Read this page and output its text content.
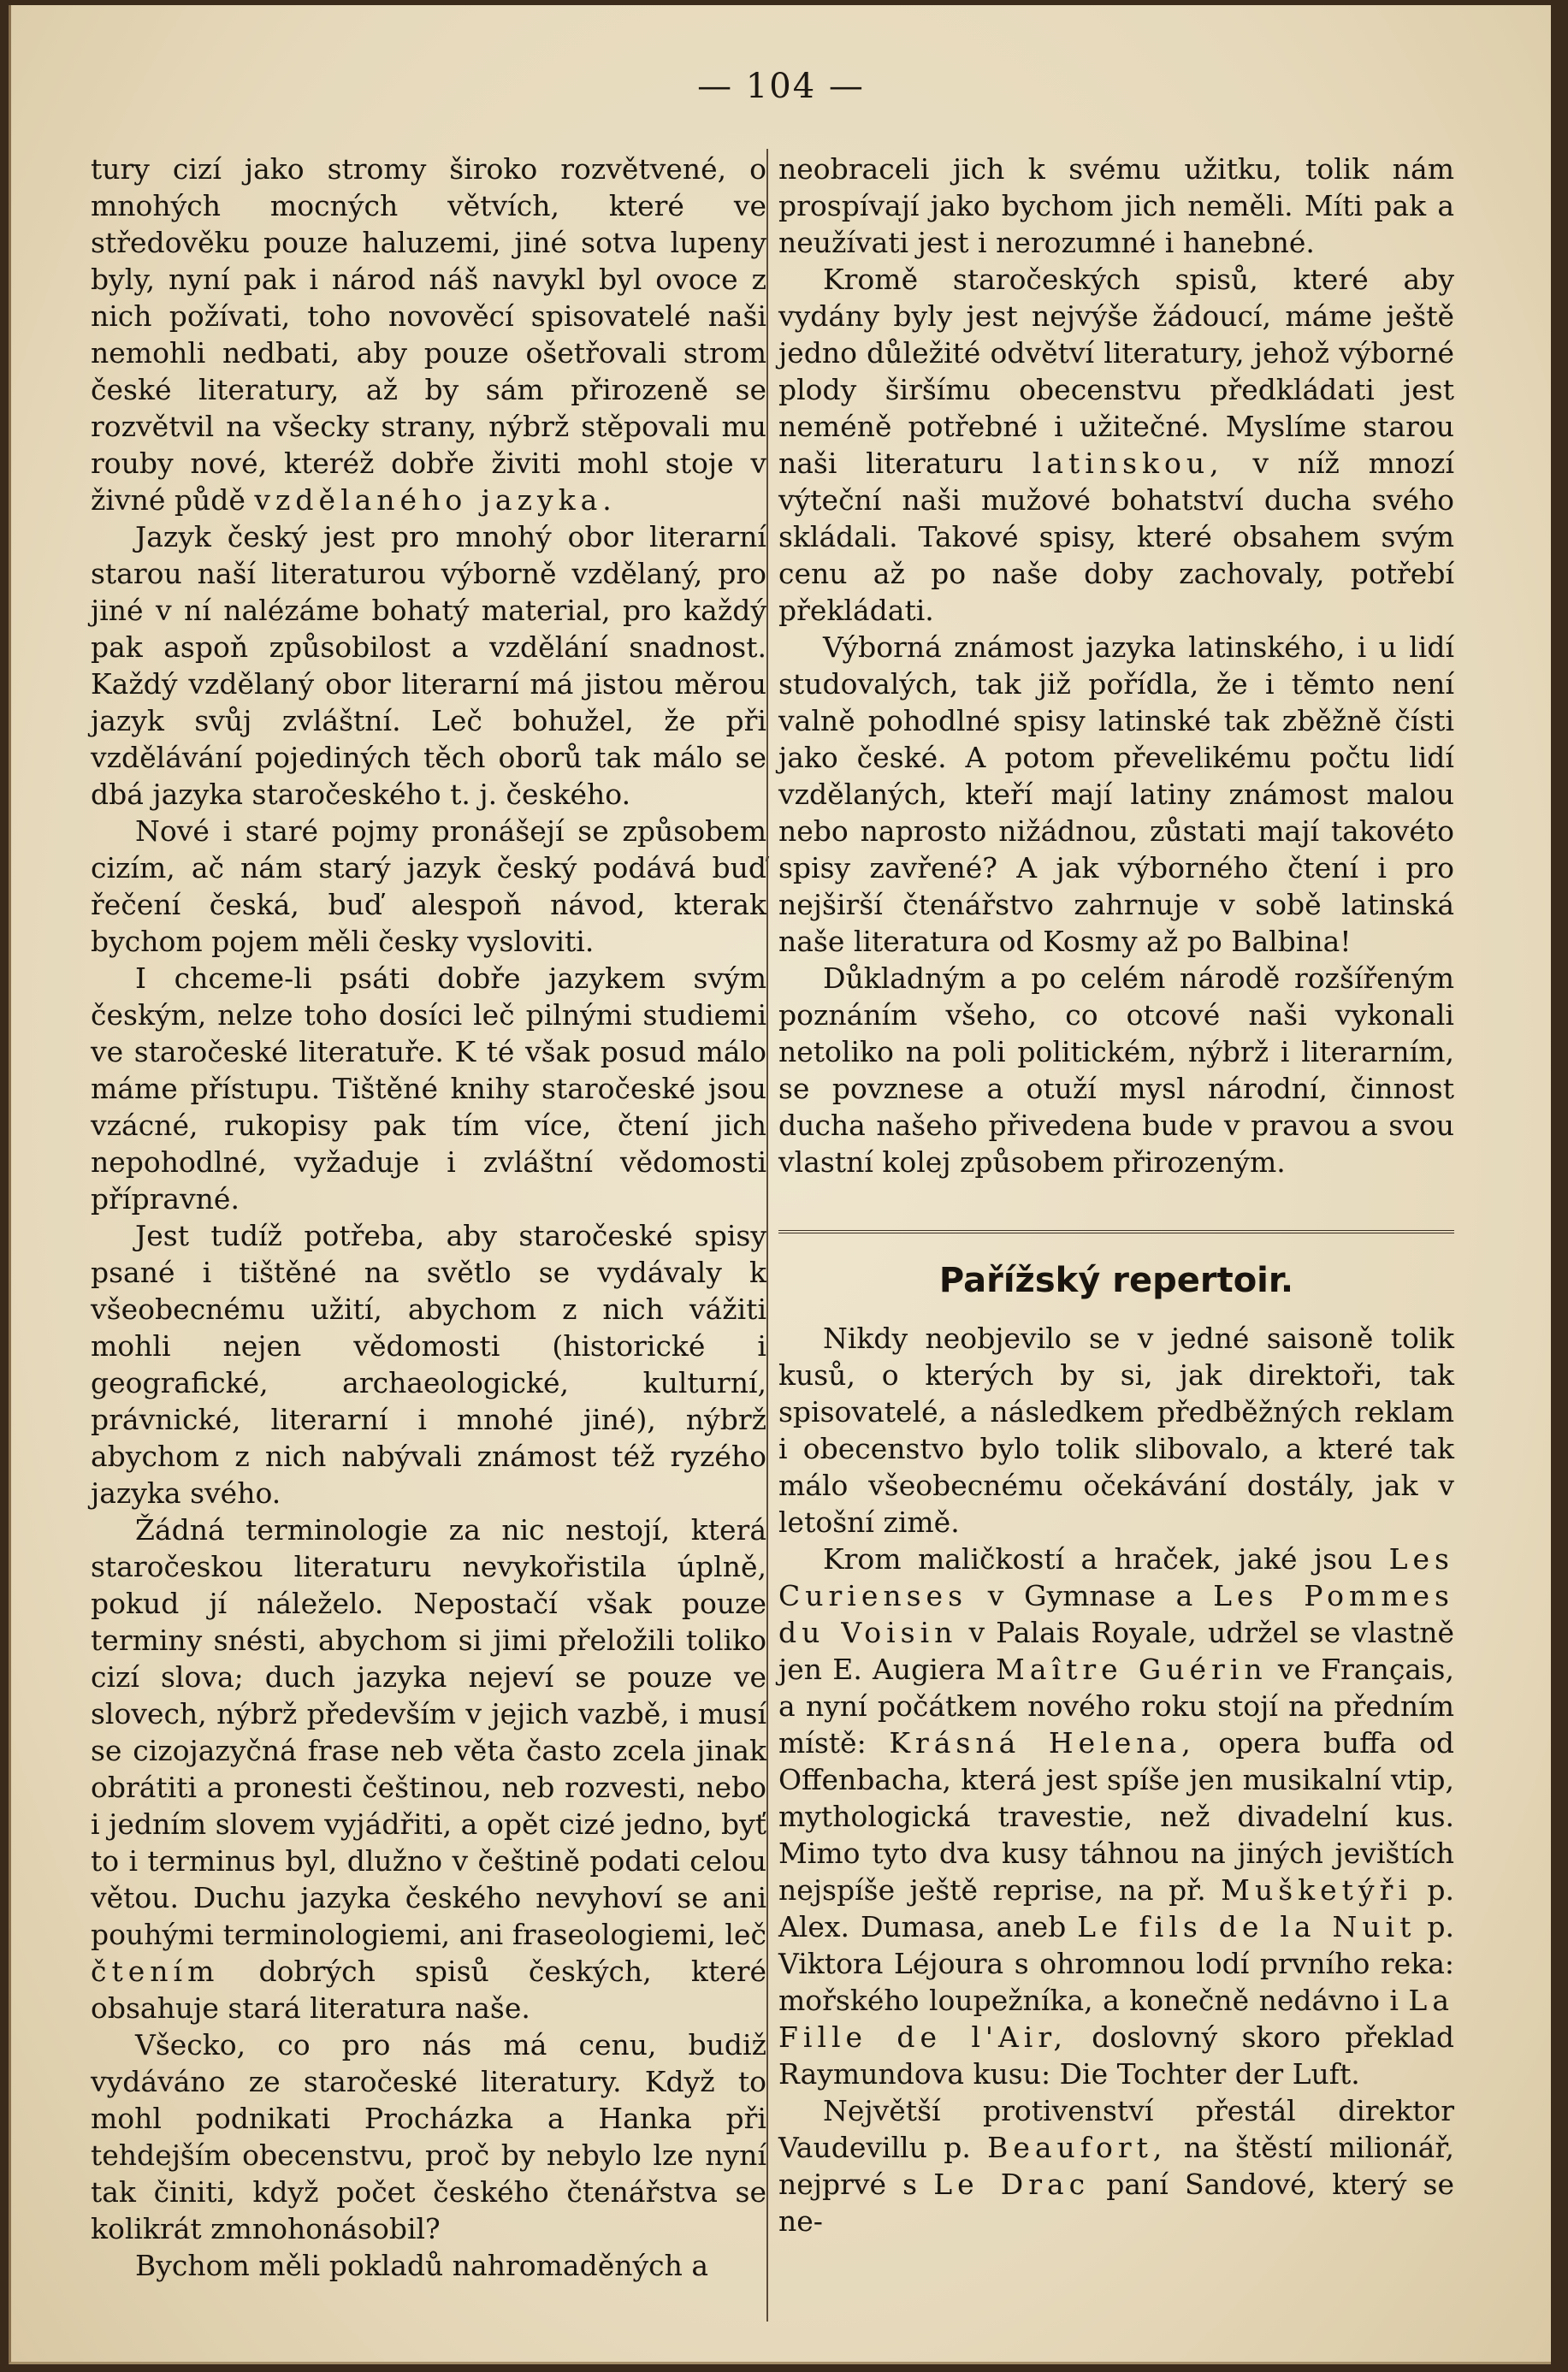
— 104 —

tury cizí jako stromy široko rozvětvené, o mnohých mocných větvích, které ve středověku pouze haluzemi, jiné sotva lupeny byly, nyní pak i národ náš navykl byl ovoce z nich požívati, toho novověcí spisovatelé naši nemohli nedbati, aby pouze ošetřovali strom české literatury, až by sám přirozeně se rozvětvil na všecky strany, nýbrž stěpovali mu rouby nové, kteréž dobře živiti mohl stoje v živné půdě vzdělaného jazyka.

Jazyk český jest pro mnohý obor literarní starou naší literaturou výborně vzdělaný, pro jiné v ní nalézáme bohatý material, pro každý pak aspoň způsobilost a vzdělání snadnost. Každý vzdělaný obor literarní má jistou měrou jazyk svůj zvláštní. Leč bohužel, že při vzdělávání pojediných těch oborů tak málo se dbá jazyka staročeského t. j. českého.

Nové i staré pojmy pronášejí se způsobem cizím, ač nám starý jazyk český podává buď řečení česká, buď alespoň návod, kterak bychom pojem měli česky vysloviti.

I chceme-li psáti dobře jazykem svým českým, nelze toho dosíci leč pilnými studiemi ve staročeské literatuře. K té však posud málo máme přístupu. Tištěné knihy staročeské jsou vzácné, rukopisy pak tím více, čtení jich nepohodlné, vyžaduje i zvláštní vědomosti přípravné.

Jest tudíž potřeba, aby staročeské spisy psané i tištěné na světlo se vydávaly k všeobecnému užití, abychom z nich vážiti mohli nejen vědomosti (historické i geografické, archaeologické, kulturní, právnické, literarní i mnohé jiné), nýbrž abychom z nich nabývali známost též ryzého jazyka svého.

Žádná terminologie za nic nestojí, která staročeskou literaturu nevykořistila úplně, pokud jí náleželo. Nepostačí však pouze terminy snésti, abychom si jimi přeložili toliko cizí slova; duch jazyka nejeví se pouze ve slovech, nýbrž především v jejich vazbě, i musí se cizojazyčná frase neb věta často zcela jinak obrátiti a pronesti češtinou, neb rozvesti, nebo i jedním slovem vyjádřiti, a opět cizé jedno, byť to i terminus byl, dlužno v češtině podati celou větou. Duchu jazyka českého nevyhoví se ani pouhými terminologiemi, ani fraseologiemi, leč čtením dobrých spisů českých, které obsahuje stará literatura naše.

Všecko, co pro nás má cenu, budiž vydáváno ze staročeské literatury. Když to mohl podnikati Procházka a Hanka při tehdejším obecenstvu, proč by nebylo lze nyní tak činiti, když počet českého čtenářstva se kolikrát zmnohonásobil?

Bychom měli pokladů nahromaděných a

neobraceli jich k svému užitku, tolik nám prospívají jako bychom jich neměli. Míti pak a neužívati jest i nerozumné i hanebné.

Kromě staročeských spisů, které aby vydány byly jest nejvýše žádoucí, máme ještě jedno důležité odvětví literatury, jehož výborné plody širšímu obecenstvu předkládati jest neméně potřebné i užitečné. Myslíme starou naši literaturu latinskou, v níž mnozí výteční naši mužové bohatství ducha svého skládali. Takové spisy, které obsahem svým cenu až po naše doby zachovaly, potřebí překládati.

Výborná známost jazyka latinského, i u lidí studovalých, tak již pořídla, že i těmto není valně pohodlné spisy latinské tak zběžně čísti jako české. A potom převelikému počtu lidí vzdělaných, kteří mají latiny známost malou nebo naprosto nižádnou, zůstati mají takovéto spisy zavřené? A jak výborného čtení i pro nejširší čtenářstvo zahrnuje v sobě latinská naše literatura od Kosmy až po Balbina!

Důkladným a po celém národě rozšířeným poznáním všeho, co otcové naši vykonali netoliko na poli politickém, nýbrž i literarním, se povznese a otuží mysl národní, činnost ducha našeho přivedena bude v pravou a svou vlastní kolej způsobem přirozeným.

Pařížský repertoir.

Nikdy neobjevilo se v jedné saisoně tolik kusů, o kterých by si, jak direktoři, tak spisovatelé, a následkem předběžných reklam i obecenstvo bylo tolik slibovalo, a které tak málo všeobecnému očekávání dostály, jak v letošní zimě.

Krom maličkostí a hraček, jaké jsou Les Curienses v Gymnase a Les Pommes du Voisin v Palais Royale, udržel se vlastně jen E. Augiera Maître Guérin ve Français, a nyní počátkem nového roku stojí na předním místě: Krásná Helena, opera buffa od Offenbacha, která jest spíše jen musikalní vtip, mythologická travestie, než divadelní kus. Mimo tyto dva kusy táhnou na jiných jevištích nejspíše ještě reprise, na př. Mušketýři p. Alex. Dumasa, aneb Le fils de la Nuit p. Viktora Léjoura s ohromnou lodí prvního reka: mořského loupežníka, a konečně nedávno i La Fille de l'Air, doslovný skoro překlad Raymundova kusu: Die Tochter der Luft.

Největší protivenství přestál direktor Vaudevillu p. Beaufort, na štěstí milionář, nejprvé s Le Drac paní Sandové, který se ne-
